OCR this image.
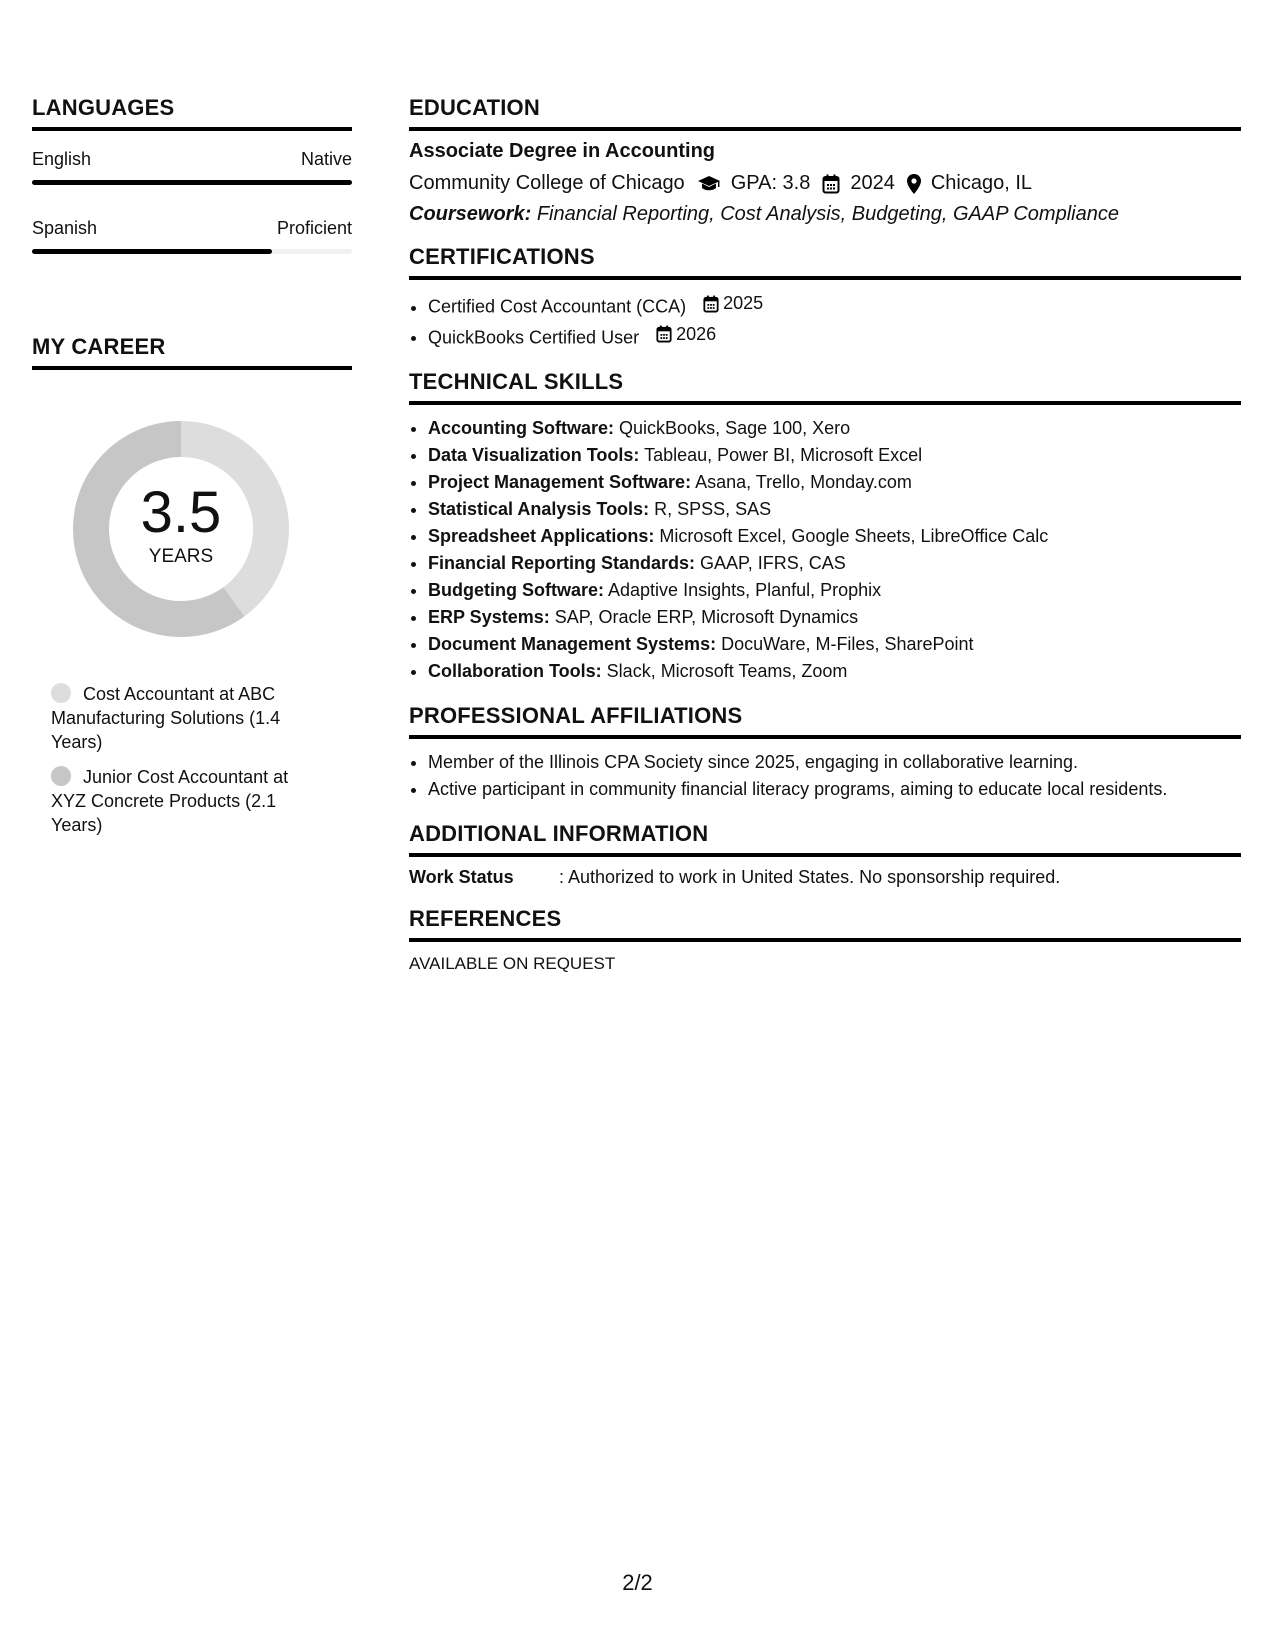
LANGUAGES
English	Native
Spanish	Proficient
MY CAREER
3.5
YEARS
Cost Accountant at ABC Manufacturing Solutions (1.4 Years)
Junior Cost Accountant at XYZ Concrete Products (2.1 Years)
EDUCATION
Associate Degree in Accounting
Community College of Chicago GPA: 3.8 2024 Chicago, IL
Coursework: Financial Reporting, Cost Analysis, Budgeting, GAAP Compliance
CERTIFICATIONS
• Certified Cost Accountant (CCA) 2025
• QuickBooks Certified User 2026
TECHNICAL SKILLS
• Accounting Software: QuickBooks, Sage 100, Xero
• Data Visualization Tools: Tableau, Power BI, Microsoft Excel
• Project Management Software: Asana, Trello, Monday.com
• Statistical Analysis Tools: R, SPSS, SAS
• Spreadsheet Applications: Microsoft Excel, Google Sheets, LibreOffice Calc
• Financial Reporting Standards: GAAP, IFRS, CAS
• Budgeting Software: Adaptive Insights, Planful, Prophix
• ERP Systems: SAP, Oracle ERP, Microsoft Dynamics
• Document Management Systems: DocuWare, M-Files, SharePoint
• Collaboration Tools: Slack, Microsoft Teams, Zoom
PROFESSIONAL AFFILIATIONS
• Member of the Illinois CPA Society since 2025, engaging in collaborative learning.
• Active participant in community financial literacy programs, aiming to educate local residents.
ADDITIONAL INFORMATION
Work Status	: Authorized to work in United States. No sponsorship required.
REFERENCES
AVAILABLE ON REQUEST
2/2
